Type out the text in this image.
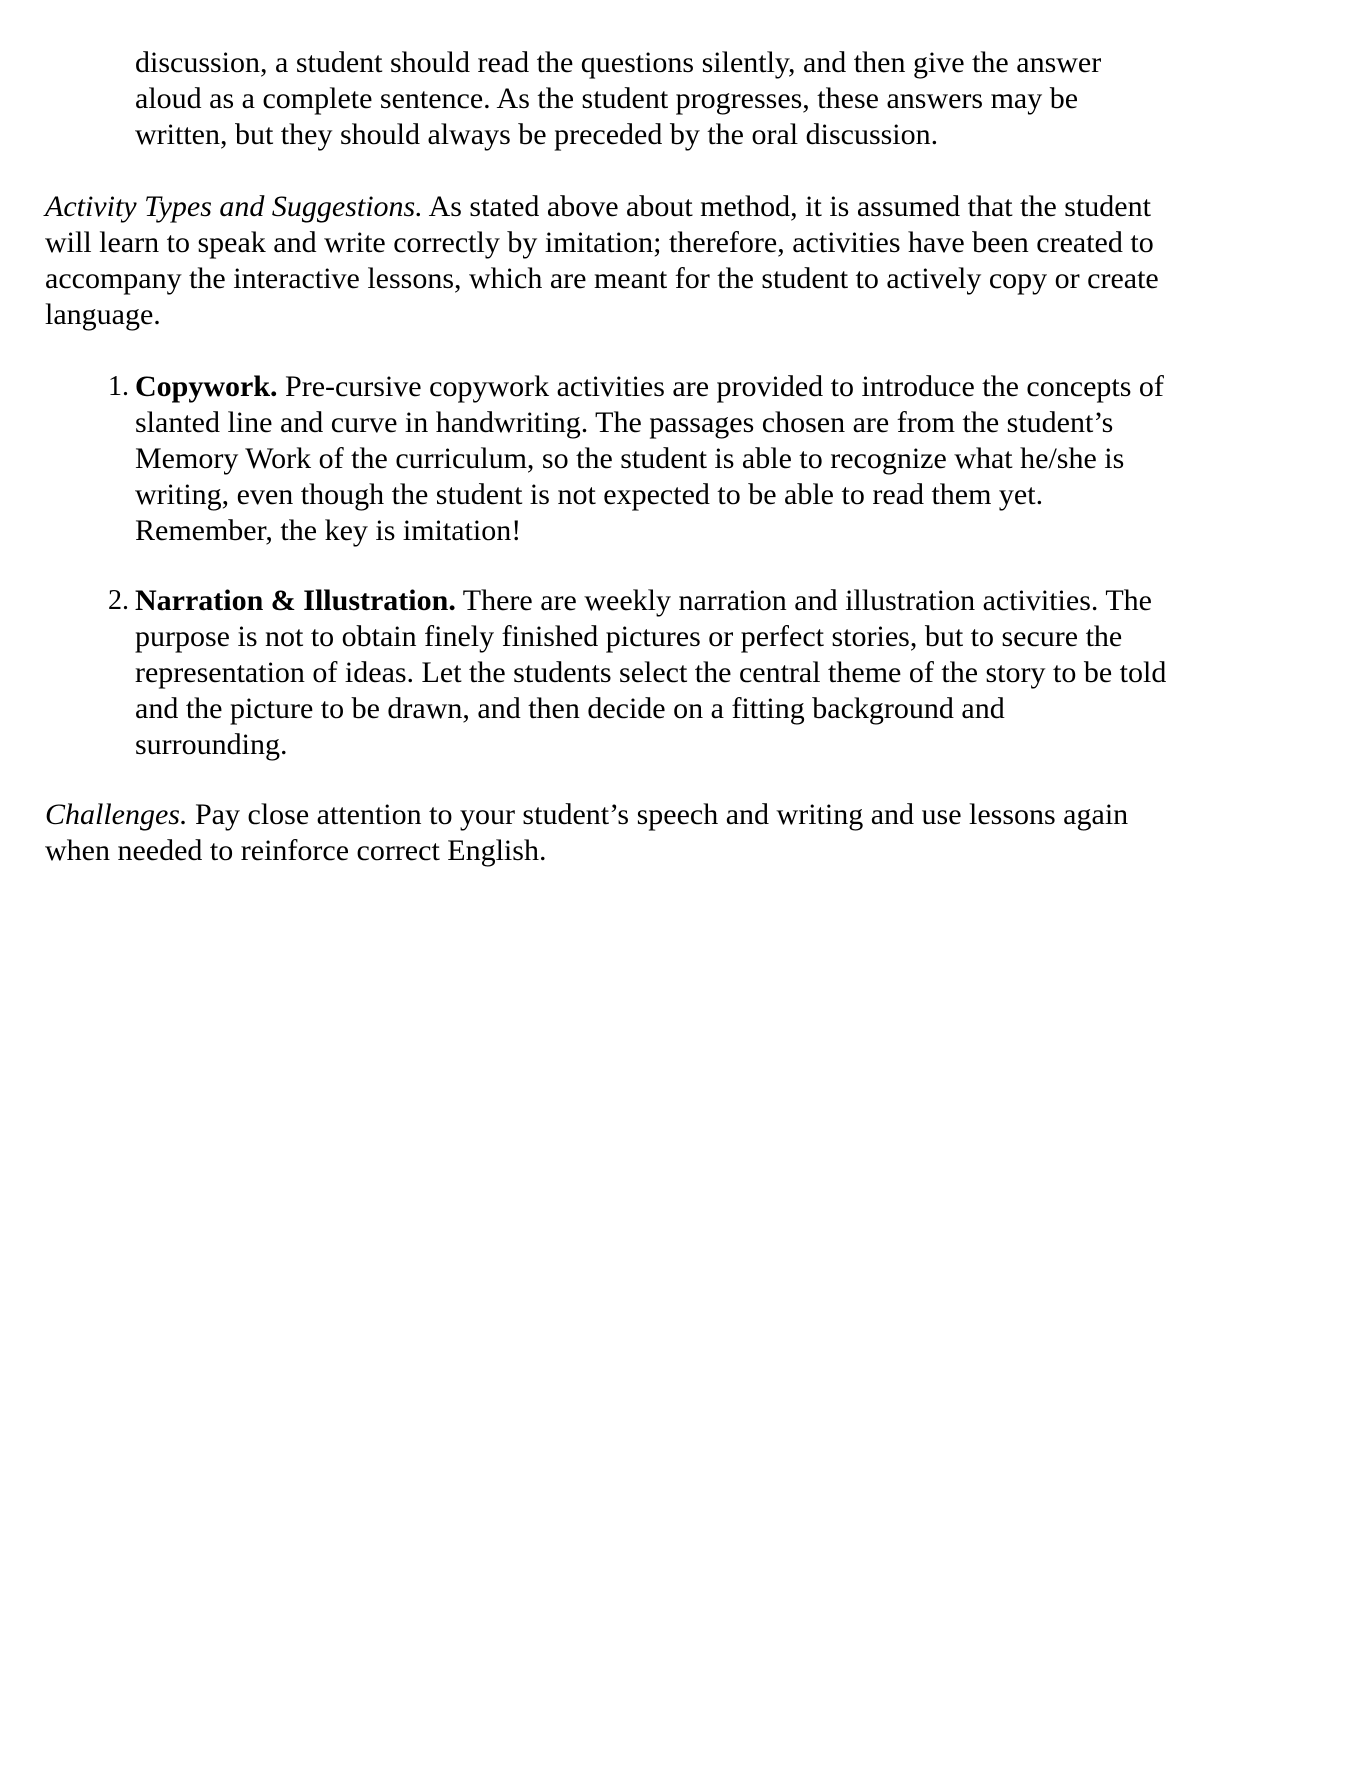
discussion, a student should read the questions silently, and then give the answer
aloud as a complete sentence. As the student progresses, these answers may be
written, but they should always be preceded by the oral discussion.
Activity Types and Suggestions. As stated above about method, it is assumed that the student
will learn to speak and write correctly by imitation; therefore, activities have been created to
accompany the interactive lessons, which are meant for the student to actively copy or create
language.
1. Copywork. Pre-cursive copywork activities are provided to introduce the concepts of
slanted line and curve in handwriting. The passages chosen are from the student’s
Memory Work of the curriculum, so the student is able to recognize what he/she is
writing, even though the student is not expected to be able to read them yet.
Remember, the key is imitation!
2. Narration & Illustration. There are weekly narration and illustration activities. The
purpose is not to obtain finely finished pictures or perfect stories, but to secure the
representation of ideas. Let the students select the central theme of the story to be told
and the picture to be drawn, and then decide on a fitting background and
surrounding.
Challenges. Pay close attention to your student’s speech and writing and use lessons again
when needed to reinforce correct English.
